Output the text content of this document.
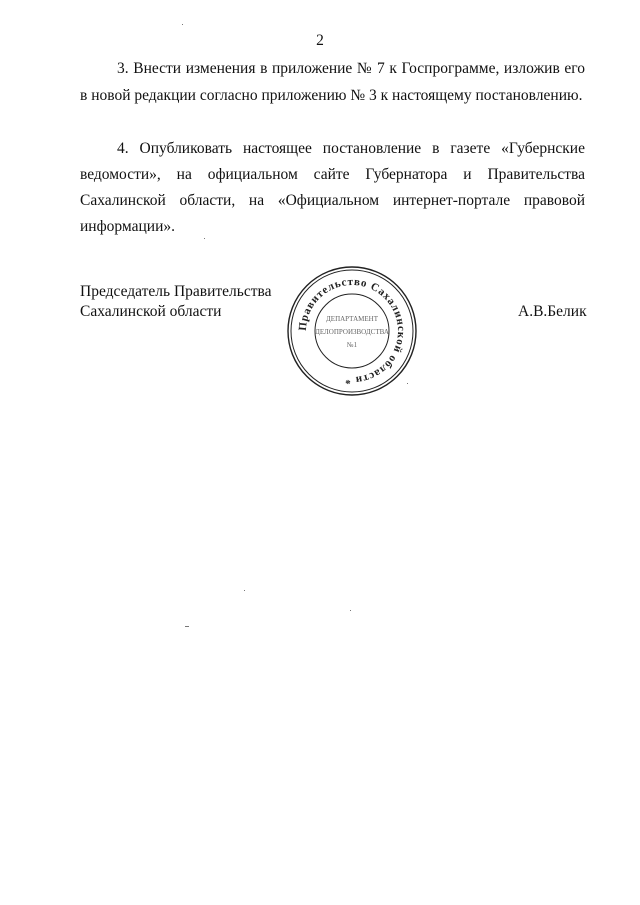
2
3. Внести изменения в приложение № 7 к Госпрограмме, изложив его
в новой редакции согласно приложению № 3 к настоящему постановлению.
4. Опубликовать настоящее постановление в газете «Губернские
ведомости», на официальном сайте Губернатора и Правительства
Сахалинской области, на «Официальном интернет-портале правовой
информации».
Председатель Правительства
Сахалинской области	А.В.Белик
Правительство Сахалинской области *
ДЕПАРТАМЕНТ
ДЕЛОПРОИЗВОДСТВА
№1
